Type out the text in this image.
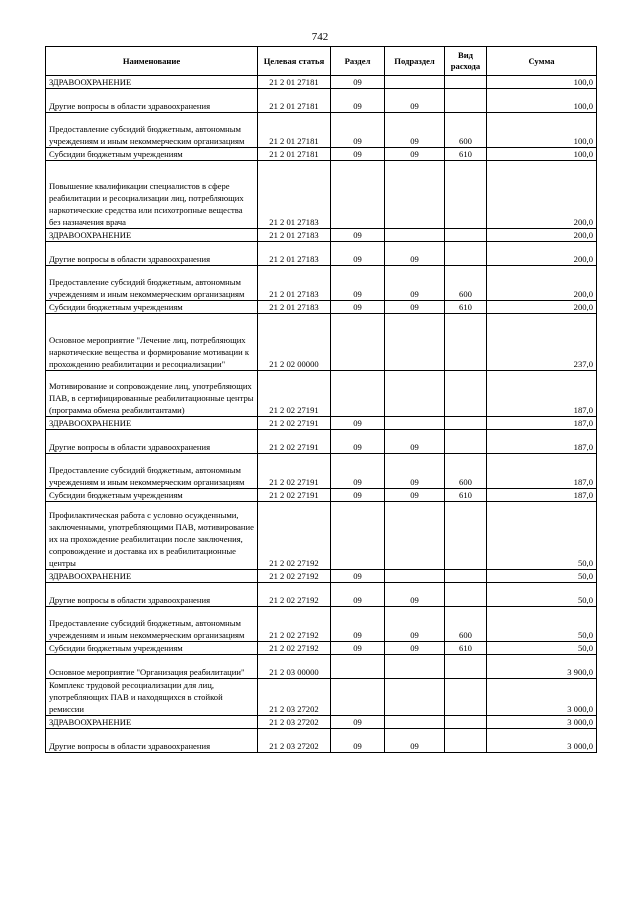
742
Наименование	Целевая статья	Раздел	Подраздел	Вид расхода	Сумма
ЗДРАВООХРАНЕНИЕ	21 2 01 27181	09			100,0
Другие вопросы в области здравоохранения	21 2 01 27181	09	09		100,0
Предоставление субсидий бюджетным, автономным учреждениям и иным некоммерческим организациям	21 2 01 27181	09	09	600	100,0
Субсидии бюджетным учреждениям	21 2 01 27181	09	09	610	100,0
Повышение квалификации специалистов в сфере реабилитации и ресоциализации лиц, потребляющих наркотические средства или психотропные вещества без назначения врача	21 2 01 27183				200,0
ЗДРАВООХРАНЕНИЕ	21 2 01 27183	09			200,0
Другие вопросы в области здравоохранения	21 2 01 27183	09	09		200,0
Предоставление субсидий бюджетным, автономным учреждениям и иным некоммерческим организациям	21 2 01 27183	09	09	600	200,0
Субсидии бюджетным учреждениям	21 2 01 27183	09	09	610	200,0
Основное мероприятие "Лечение лиц, потребляющих наркотические вещества и формирование мотивации к прохождению реабилитации и ресоциализации"	21 2 02 00000				237,0
Мотивирование и сопровождение лиц, употребляющих ПАВ, в сертифицированные реабилитационные центры (программа обмена реабилитантами)	21 2 02 27191				187,0
ЗДРАВООХРАНЕНИЕ	21 2 02 27191	09			187,0
Другие вопросы в области здравоохранения	21 2 02 27191	09	09		187,0
Предоставление субсидий бюджетным, автономным учреждениям и иным некоммерческим организациям	21 2 02 27191	09	09	600	187,0
Субсидии бюджетным учреждениям	21 2 02 27191	09	09	610	187,0
Профилактическая работа с условно осужденными, заключенными, употребляющими ПАВ, мотивирование их на прохождение реабилитации после заключения, сопровождение и доставка их в реабилитационные центры	21 2 02 27192				50,0
ЗДРАВООХРАНЕНИЕ	21 2 02 27192	09			50,0
Другие вопросы в области здравоохранения	21 2 02 27192	09	09		50,0
Предоставление субсидий бюджетным, автономным учреждениям и иным некоммерческим организациям	21 2 02 27192	09	09	600	50,0
Субсидии бюджетным учреждениям	21 2 02 27192	09	09	610	50,0
Основное мероприятие "Организация реабилитации"	21 2 03 00000				3 900,0
Комплекс трудовой ресоциализации для лиц, употребляющих ПАВ и находящихся в стойкой ремиссии	21 2 03 27202				3 000,0
ЗДРАВООХРАНЕНИЕ	21 2 03 27202	09			3 000,0
Другие вопросы в области здравоохранения	21 2 03 27202	09	09		3 000,0
